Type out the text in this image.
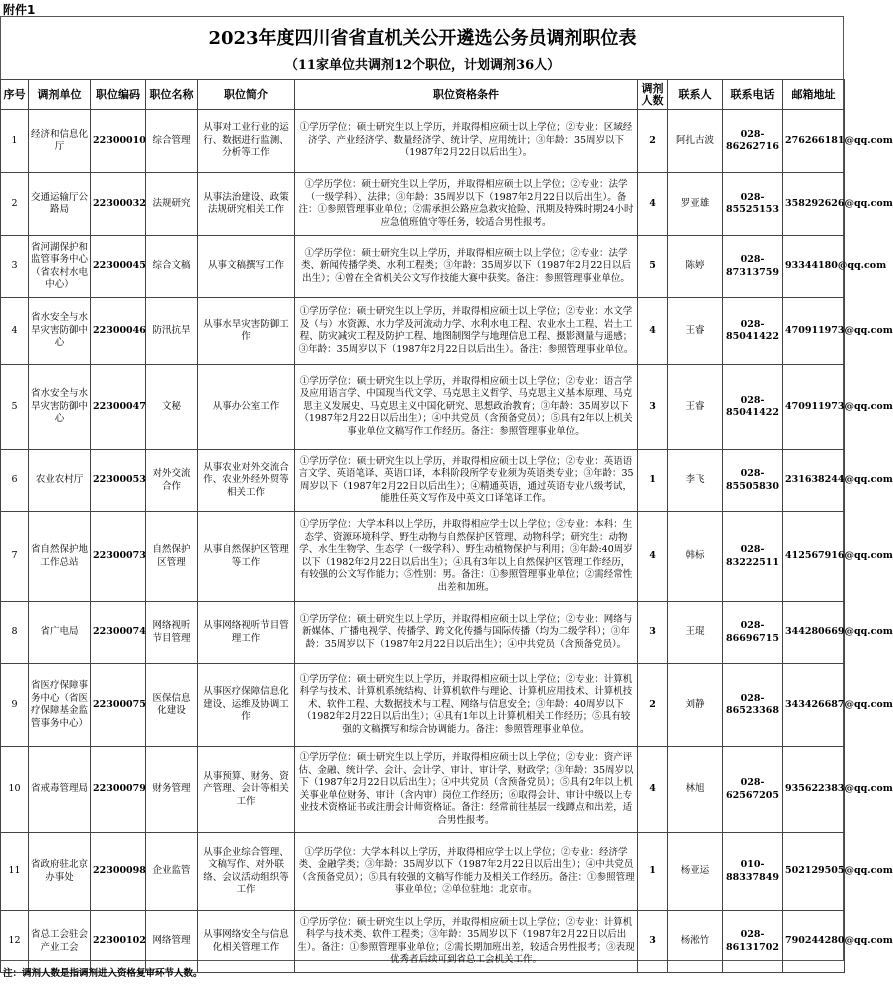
附件1
2023年度四川省省直机关公开遴选公务员调剂职位表
（11家单位共调剂12个职位，计划调剂36人）
序号	调剂单位	职位编码	职位名称	职位简介	职位资格条件	调剂人数	联系人	联系电话	邮箱地址
1	经济和信息化厅	22300010	综合管理	从事对工业行业的运行、数据进行监测、分析等工作	①学历学位：硕士研究生以上学历，并取得相应硕士以上学位；②专业：区域经济学、产业经济学、数量经济学、统计学、应用统计；③年龄：35周岁以下（1987年2月22日以后出生）。	2	阿扎古波	028-86262716	276266181@qq.com
2	交通运输厅公路局	22300032	法规研究	从事法治建设、政策法规研究相关工作	①学历学位：硕士研究生以上学历，并取得相应硕士以上学位；②专业：法学（一级学科）、法律；③年龄：35周岁以下（1987年2月22日以后出生）。备注：①参照管理事业单位；②需承担公路应急救灾抢险、汛期及特殊时期24小时应急值班值守等任务，较适合男性报考。	4	罗亚雄	028-85525153	358292626@qq.com
3	省河湖保护和监管事务中心（省农村水电中心）	22300045	综合文稿	从事文稿撰写工作	①学历学位：硕士研究生以上学历，并取得相应硕士以上学位；②专业：法学类、新闻传播学类、水利工程类；③年龄：35周岁以下（1987年2月22日以后出生）；④曾在全省机关公文写作技能大赛中获奖。备注：参照管理事业单位。	5	陈婷	028-87313759	93344180@qq.com
4	省水安全与水旱灾害防御中心	22300046	防汛抗旱	从事水旱灾害防御工作	①学历学位：硕士研究生以上学历，并取得相应硕士以上学位；②专业：水文学及（与）水资源、水力学及河流动力学、水利水电工程、农业水土工程、岩土工程、防灾减灾工程及防护工程、地图制图学与地理信息工程、摄影测量与遥感；③年龄：35周岁以下（1987年2月22日以后出生）。备注：参照管理事业单位。	4	王睿	028-85041422	470911973@qq.com
5	省水安全与水旱灾害防御中心	22300047	文秘	从事办公室工作	①学历学位：硕士研究生以上学历，并取得相应硕士以上学位；②专业：语言学及应用语言学、中国现当代文学、马克思主义哲学、马克思主义基本原理、马克思主义发展史、马克思主义中国化研究、思想政治教育；③年龄：35周岁以下（1987年2月22日以后出生）；④中共党员（含预备党员）；⑤具有2年以上机关事业单位文稿写作工作经历。备注：参照管理事业单位。	3	王睿	028-85041422	470911973@qq.com
6	农业农村厅	22300053	对外交流合作	从事农业对外交流合作、农业外经外贸等相关工作	①学历学位：硕士研究生以上学历，并取得相应硕士以上学位；②专业：英语语言文学、英语笔译、英语口译，本科阶段所学专业须为英语类专业；③年龄：35周岁以下（1987年2月22日以后出生）；④精通英语，通过英语专业八级考试，能胜任英文写作及中英文口译笔译工作。	1	李飞	028-85505830	231638244@qq.com
7	省自然保护地工作总站	22300073	自然保护区管理	从事自然保护区管理等工作	①学历学位：大学本科以上学历，并取得相应学士以上学位；②专业：本科：生态学、资源环境科学、野生动物与自然保护区管理、动物科学；研究生：动物学、水生生物学、生态学（一级学科）、野生动植物保护与利用；③年龄:40周岁以下（1982年2月22日以后出生）；④具有3年以上自然保护区管理工作经历，有较强的公文写作能力；⑤性别：男。备注：①参照管理事业单位；②需经常性出差和加班。	4	韩标	028-83222511	412567916@qq.com
8	省广电局	22300074	网络视听节目管理	从事网络视听节目管理工作	①学历学位：硕士研究生以上学历，并取得相应硕士以上学位；②专业：网络与新媒体、广播电视学、传播学、跨文化传播与国际传播（均为二级学科）；③年龄：35周岁以下（1987年2月22日以后出生）；④中共党员（含预备党员）。	3	王琨	028-86696715	344280669@qq.com
9	省医疗保障事务中心（省医疗保障基金监管事务中心）	22300075	医保信息化建设	从事医疗保障信息化建设、运维及协调工作	①学历学位：硕士研究生以上学历，并取得相应硕士以上学位；②专业：计算机科学与技术、计算机系统结构、计算机软件与理论、计算机应用技术、计算机技术、软件工程、大数据技术与工程、网络与信息安全；③年龄：40周岁以下（1982年2月22日以后出生）；④具有1年以上计算机相关工作经历；⑤具有较强的文稿撰写和综合协调能力。备注：参照管理事业单位。	2	刘静	028-86523368	343426687@qq.com
10	省戒毒管理局	22300079	财务管理	从事预算、财务、资产管理、会计等相关工作	①学历学位：硕士研究生以上学历，并取得相应硕士以上学位；②专业：资产评估、金融、统计学、会计、会计学、审计、审计学、财政学；③年龄：35周岁以下（1987年2月22日以后出生）；④中共党员（含预备党员）；⑤具有2年以上机关事业单位财务、审计（含内审）岗位工作经历；⑥取得会计、审计中级以上专业技术资格证书或注册会计师资格证。备注：经常前往基层一线蹲点和出差，适合男性报考。	4	林旭	028-62567205	935622383@qq.com
11	省政府驻北京办事处	22300098	企业监管	从事企业综合管理、文稿写作、对外联络、会议活动组织等工作	①学历学位：大学本科以上学历，并取得相应学士以上学位；②专业：经济学类、金融学类；③年龄：35周岁以下（1987年2月22日以后出生）；④中共党员（含预备党员）；⑤具有较强的文稿写作能力及相关工作经历。备注：①参照管理事业单位；②单位驻地：北京市。	1	杨亚运	010-88337849	502129505@qq.com
12	省总工会驻会产业工会	22300102	网络管理	从事网络安全与信息化相关管理工作	①学历学位：硕士研究生以上学历，并取得相应硕士以上学位；②专业：计算机科学与技术类、软件工程类；③年龄：35周岁以下（1987年2月22日以后出生）。备注：①参照管理事业单位；②需长期加班出差，较适合男性报考；③表现优秀者后续可到省总工会机关工作。	3	杨淞竹	028-86131702	790244280@qq.com
注：调剂人数是指调剂进入资格复审环节人数。
